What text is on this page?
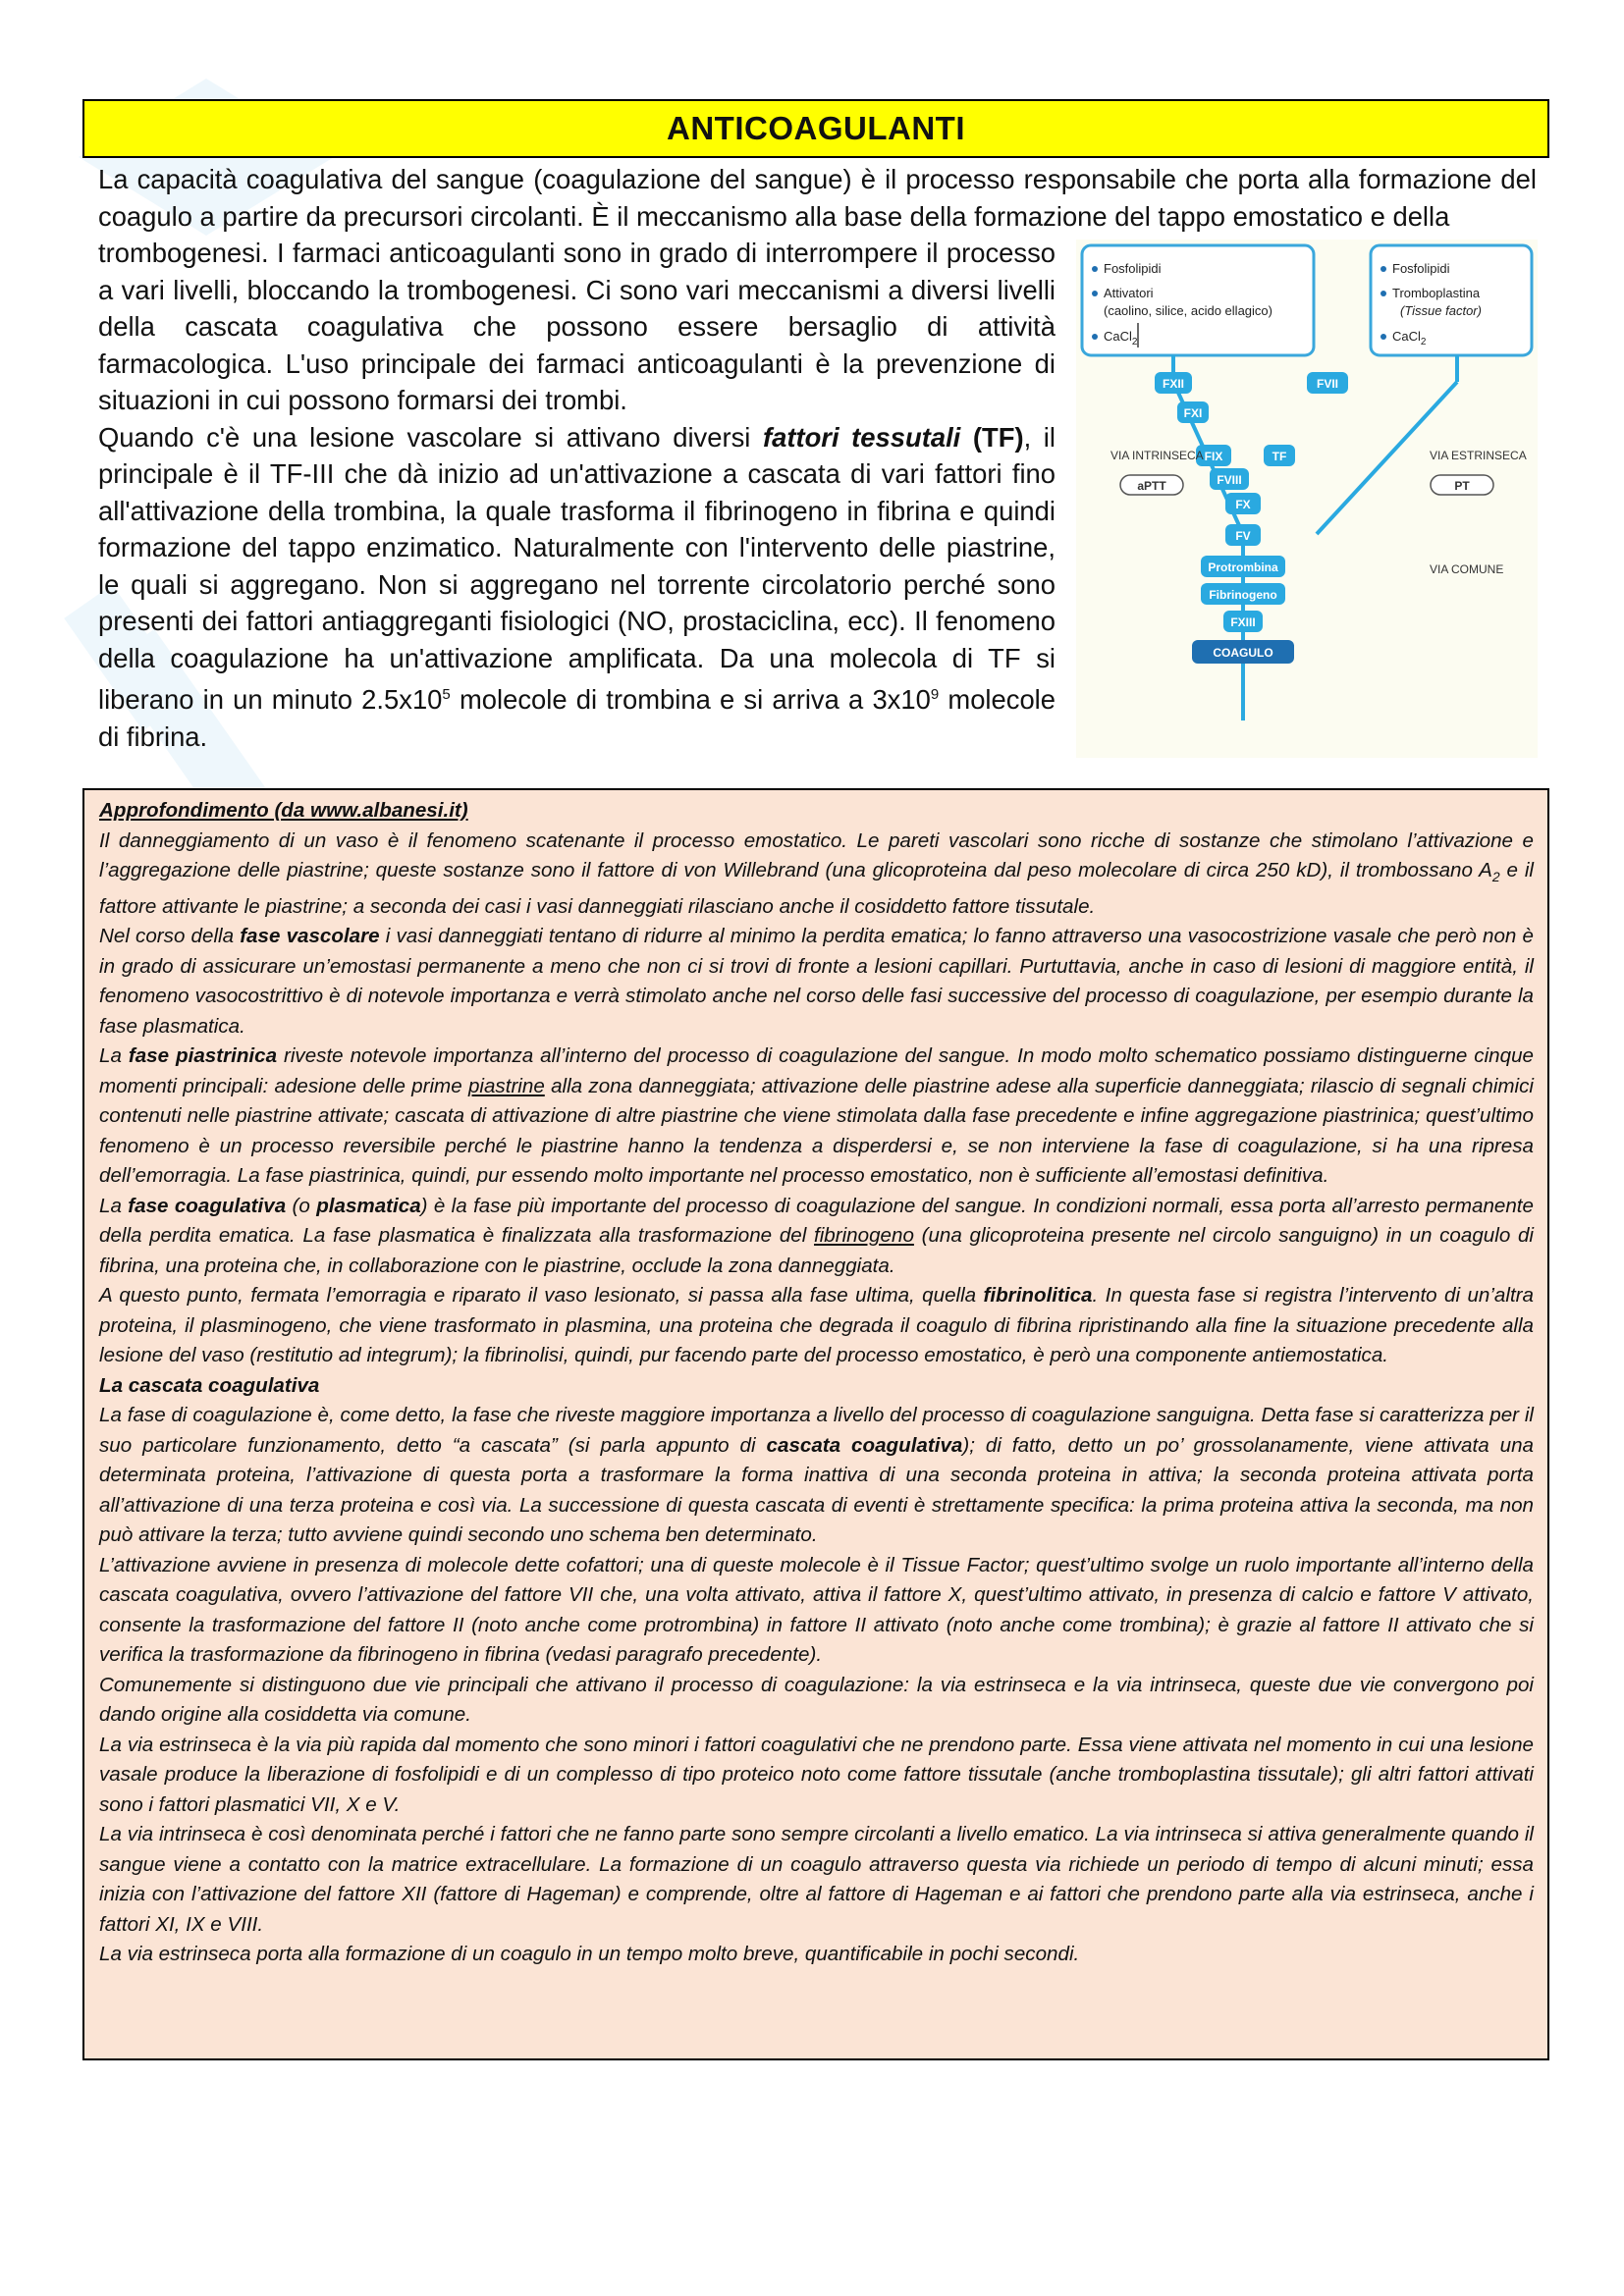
ANTICOAGULANTI

La capacità coagulativa del sangue (coagulazione del sangue) è il processo responsabile che porta alla formazione del coagulo a partire da precursori circolanti. È il meccanismo alla base della formazione del tappo emostatico e della

trombogenesi. I farmaci anticoagulanti sono in grado di interrompere il processo a vari livelli, bloccando la trombogenesi. Ci sono vari meccanismi a diversi livelli della cascata coagulativa che possono essere bersaglio di attività farmacologica. L'uso principale dei farmaci anticoagulanti è la prevenzione di situazioni in cui possono formarsi dei trombi.

Quando c'è una lesione vascolare si attivano diversi fattori tessutali (TF), il principale è il TF-III che dà inizio ad un'attivazione a cascata di vari fattori fino all'attivazione della trombina, la quale trasforma il fibrinogeno in fibrina e quindi formazione del tappo enzimatico. Naturalmente con l'intervento delle piastrine, le quali si aggregano. Non si aggregano nel torrente circolatorio perché sono presenti dei fattori antiaggreganti fisiologici (NO, prostaciclina, ecc). Il fenomeno della coagulazione ha un'attivazione amplificata. Da una molecola di TF si liberano in un minuto $2.5x10^5$ molecole di trombina e si arriva a $3x10^9$ molecole di fibrina.

Fosfolipidi
Attivatori
(caolino, silice, acido ellagico)
CaCl$_2$
Fosfolipidi
Tromboplastina
(Tissue factor)
CaCl$_2$
FXII
FXI
FIX
FVIII
TF
FVII
FX
FV
Protrombina
Fibrinogeno
FXIII
COAGULO
VIA INTRINSECA	VIA ESTRINSECA
VIA COMUNE
aPTT	PT

Approfondimento (da www.albanesi.it)

Il danneggiamento di un vaso è il fenomeno scatenante il processo emostatico. Le pareti vascolari sono ricche di sostanze che stimolano l’attivazione e l’aggregazione delle piastrine; queste sostanze sono il fattore di von Willebrand (una glicoproteina dal peso molecolare di circa 250 kD), il trombossano $A_2$ e il fattore attivante le piastrine; a seconda dei casi i vasi danneggiati rilasciano anche il cosiddetto fattore tissutale.

Nel corso della fase vascolare i vasi danneggiati tentano di ridurre al minimo la perdita ematica; lo fanno attraverso una vasocostrizione vasale che però non è in grado di assicurare un’emostasi permanente a meno che non ci si trovi di fronte a lesioni capillari. Purtuttavia, anche in caso di lesioni di maggiore entità, il fenomeno vasocostrittivo è di notevole importanza e verrà stimolato anche nel corso delle fasi successive del processo di coagulazione, per esempio durante la fase plasmatica.

La fase piastrinica riveste notevole importanza all’interno del processo di coagulazione del sangue. In modo molto schematico possiamo distinguerne cinque momenti principali: adesione delle prime piastrine alla zona danneggiata; attivazione delle piastrine adese alla superficie danneggiata; rilascio di segnali chimici contenuti nelle piastrine attivate; cascata di attivazione di altre piastrine che viene stimolata dalla fase precedente e infine aggregazione piastrinica; quest’ultimo fenomeno è un processo reversibile perché le piastrine hanno la tendenza a disperdersi e, se non interviene la fase di coagulazione, si ha una ripresa dell’emorragia. La fase piastrinica, quindi, pur essendo molto importante nel processo emostatico, non è sufficiente all’emostasi definitiva.

La fase coagulativa (o plasmatica) è la fase più importante del processo di coagulazione del sangue. In condizioni normali, essa porta all’arresto permanente della perdita ematica. La fase plasmatica è finalizzata alla trasformazione del fibrinogeno (una glicoproteina presente nel circolo sanguigno) in un coagulo di fibrina, una proteina che, in collaborazione con le piastrine, occlude la zona danneggiata.

A questo punto, fermata l’emorragia e riparato il vaso lesionato, si passa alla fase ultima, quella fibrinolitica. In questa fase si registra l’intervento di un’altra proteina, il plasminogeno, che viene trasformato in plasmina, una proteina che degrada il coagulo di fibrina ripristinando alla fine la situazione precedente alla lesione del vaso (restitutio ad integrum); la fibrinolisi, quindi, pur facendo parte del processo emostatico, è però una componente antiemostatica.

La cascata coagulativa

La fase di coagulazione è, come detto, la fase che riveste maggiore importanza a livello del processo di coagulazione sanguigna. Detta fase si caratterizza per il suo particolare funzionamento, detto “a cascata” (si parla appunto di cascata coagulativa); di fatto, detto un po’ grossolanamente, viene attivata una determinata proteina, l’attivazione di questa porta a trasformare la forma inattiva di una seconda proteina in attiva; la seconda proteina attivata porta all’attivazione di una terza proteina e così via. La successione di questa cascata di eventi è strettamente specifica: la prima proteina attiva la seconda, ma non può attivare la terza; tutto avviene quindi secondo uno schema ben determinato.

L’attivazione avviene in presenza di molecole dette cofattori; una di queste molecole è il Tissue Factor; quest’ultimo svolge un ruolo importante all’interno della cascata coagulativa, ovvero l’attivazione del fattore VII che, una volta attivato, attiva il fattore X, quest’ultimo attivato, in presenza di calcio e fattore V attivato, consente la trasformazione del fattore II (noto anche come protrombina) in fattore II attivato (noto anche come trombina); è grazie al fattore II attivato che si verifica la trasformazione da fibrinogeno in fibrina (vedasi paragrafo precedente).

Comunemente si distinguono due vie principali che attivano il processo di coagulazione: la via estrinseca e la via intrinseca, queste due vie convergono poi dando origine alla cosiddetta via comune.

La via estrinseca è la via più rapida dal momento che sono minori i fattori coagulativi che ne prendono parte. Essa viene attivata nel momento in cui una lesione vasale produce la liberazione di fosfolipidi e di un complesso di tipo proteico noto come fattore tissutale (anche tromboplastina tissutale); gli altri fattori attivati sono i fattori plasmatici VII, X e V.

La via intrinseca è così denominata perché i fattori che ne fanno parte sono sempre circolanti a livello ematico. La via intrinseca si attiva generalmente quando il sangue viene a contatto con la matrice extracellulare. La formazione di un coagulo attraverso questa via richiede un periodo di tempo di alcuni minuti; essa inizia con l’attivazione del fattore XII (fattore di Hageman) e comprende, oltre al fattore di Hageman e ai fattori che prendono parte alla via estrinseca, anche i fattori XI, IX e VIII.

La via estrinseca porta alla formazione di un coagulo in un tempo molto breve, quantificabile in pochi secondi.
